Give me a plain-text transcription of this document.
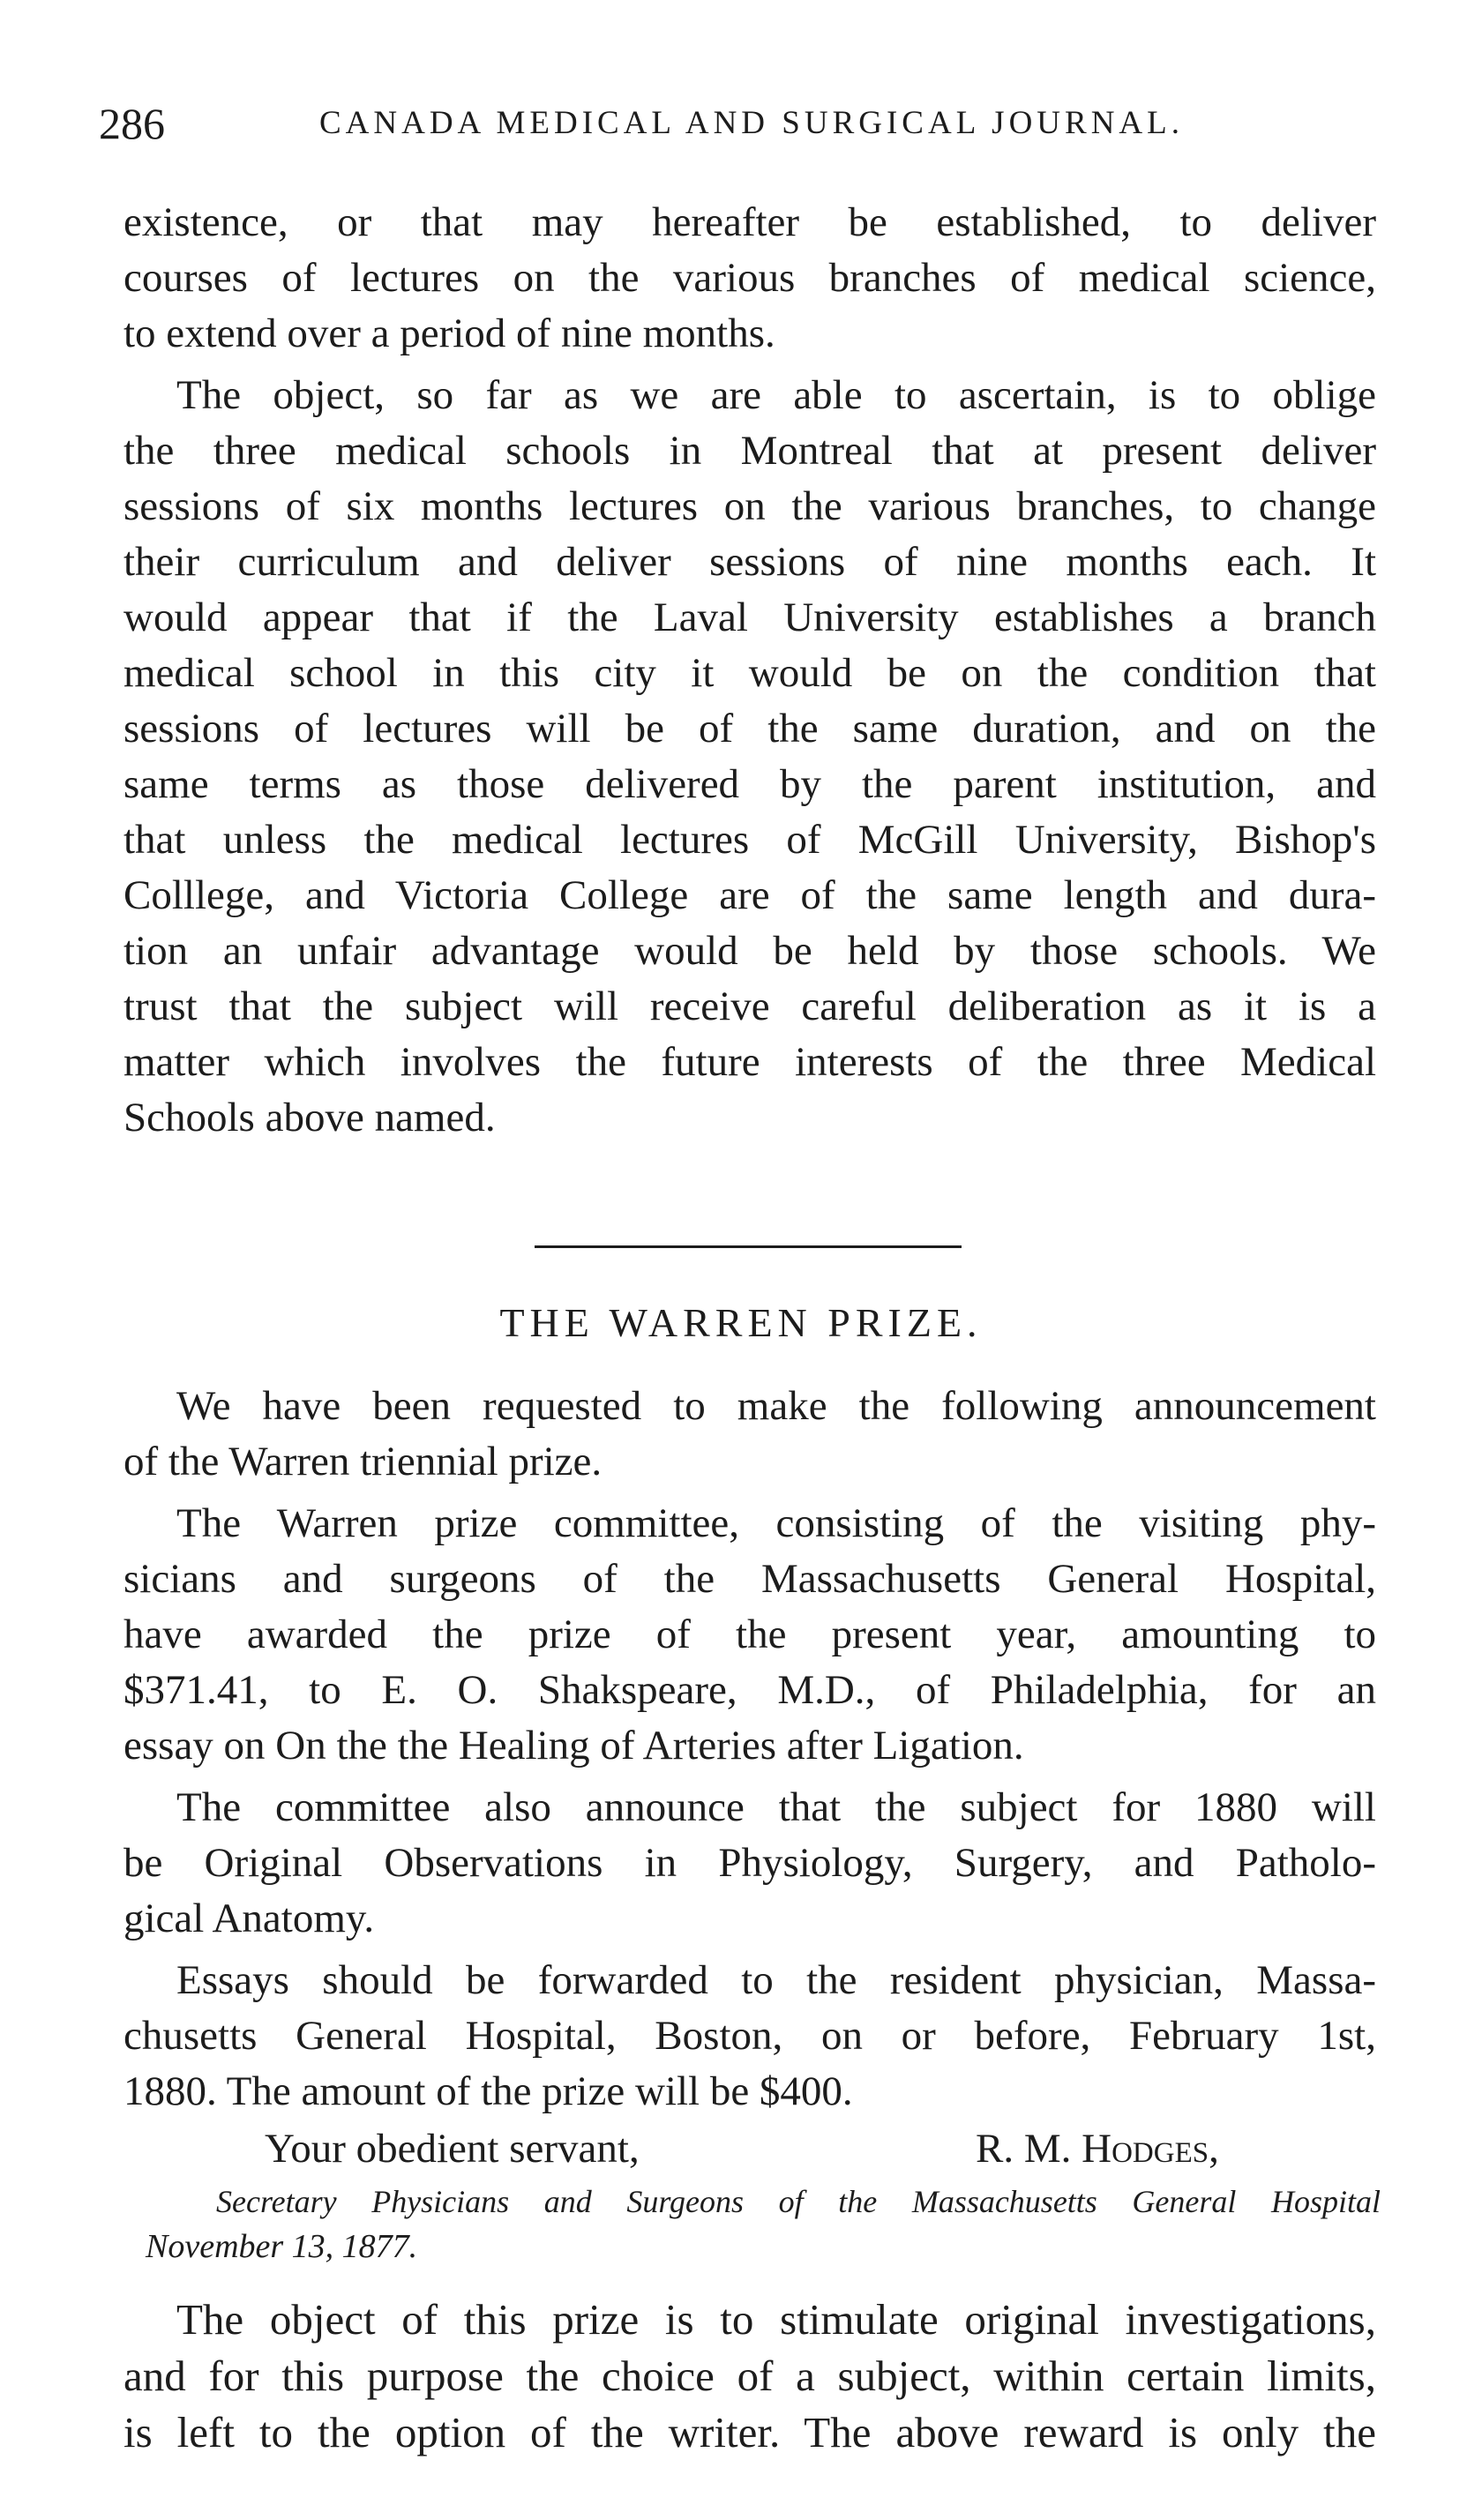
286	CANADA MEDICAL AND SURGICAL JOURNAL.
existence, or that may hereafter be established, to deliver
courses of lectures on the various branches of medical science,
to extend over a period of nine months.
The object, so far as we are able to ascertain, is to oblige
the three medical schools in Montreal that at present deliver
sessions of six months lectures on the various branches, to change
their curriculum and deliver sessions of nine months each. It
would appear that if the Laval University establishes a branch
medical school in this city it would be on the condition that
sessions of lectures will be of the same duration, and on the
same terms as those delivered by the parent institution, and
that unless the medical lectures of McGill University, Bishop's
Colllege, and Victoria College are of the same length and dura-
tion an unfair advantage would be held by those schools. We
trust that the subject will receive careful deliberation as it is a
matter which involves the future interests of the three Medical
Schools above named.
THE WARREN PRIZE.
We have been requested to make the following announcement
of the Warren triennial prize.
The Warren prize committee, consisting of the visiting phy-
sicians and surgeons of the Massachusetts General Hospital,
have awarded the prize of the present year, amounting to
$371.41, to E. O. Shakspeare, M.D., of Philadelphia, for an
essay on On the the Healing of Arteries after Ligation.
The committee also announce that the subject for 1880 will
be Original Observations in Physiology, Surgery, and Patholo-
gical Anatomy.
Essays should be forwarded to the resident physician, Massa-
chusetts General Hospital, Boston, on or before, February 1st,
1880. The amount of the prize will be $400.
Your obedient servant,	R. M. Hodges,
Secretary Physicians and Surgeons of the Massachusetts General Hospital
November 13, 1877.
The object of this prize is to stimulate original investigations,
and for this purpose the choice of a subject, within certain limits,
is left to the option of the writer. The above reward is only the
